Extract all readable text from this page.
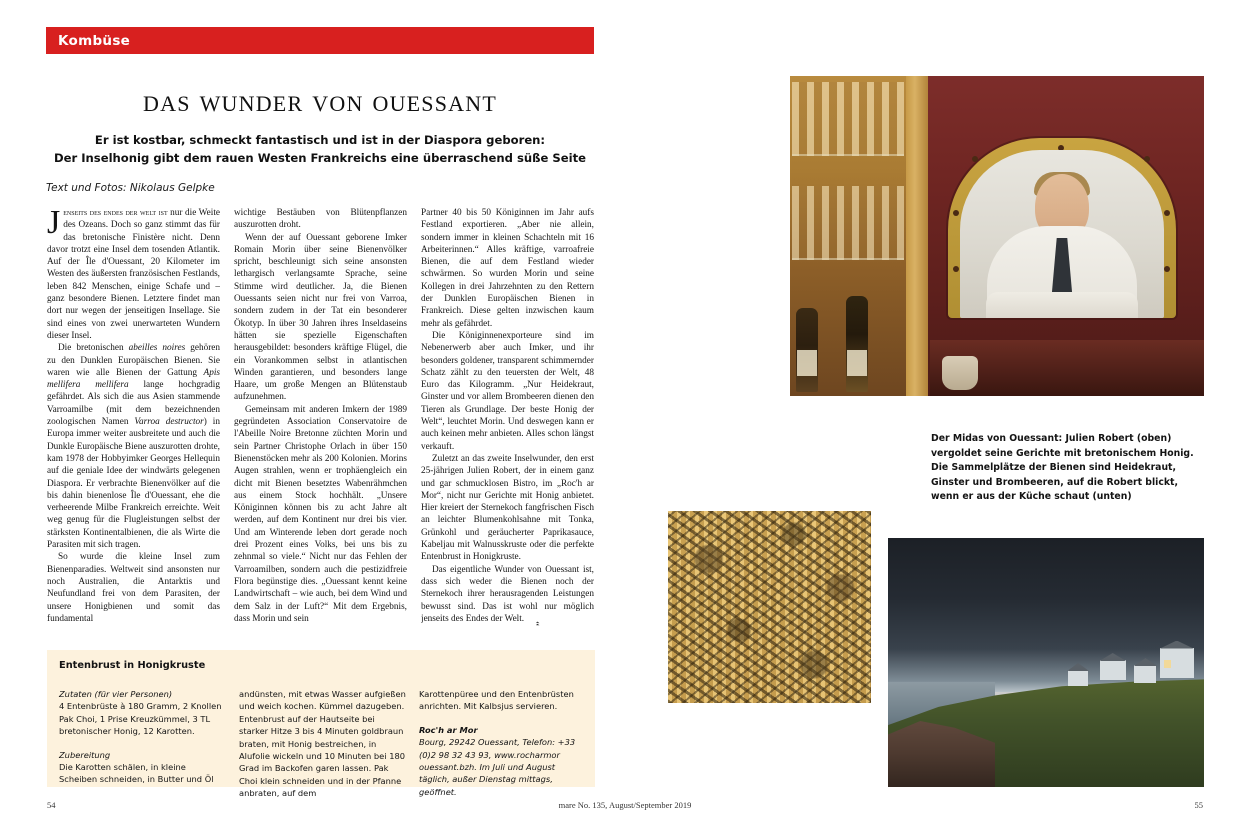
Kombüse
das wunder von ouessant
Er ist kostbar, schmeckt fantastisch und ist in der Diaspora geboren:
Der Inselhonig gibt dem rauen Westen Frankreichs eine überraschend süße Seite
Text und Fotos: Nikolaus Gelpke

Jenseits des endes der welt ist nur die Weite des Ozeans. Doch so ganz stimmt das für das bretonische Finistère nicht. Denn davor trotzt eine Insel dem tosenden Atlantik. Auf der Île d'Ouessant, 20 Kilometer im Westen des äußersten französischen Festlands, leben 842 Menschen, einige Schafe und – ganz besondere Bienen. Letztere findet man dort nur wegen der jenseitigen Insellage. Sie sind eines von zwei unerwarteten Wundern dieser Insel.

Die bretonischen abeilles noires gehören zu den Dunklen Europäischen Bienen. Sie waren wie alle Bienen der Gattung Apis mellifera mellifera lange hochgradig gefährdet. Als sich die aus Asien stammende Varroamilbe (mit dem bezeichnenden zoologischen Namen Varroa destructor) in Europa immer weiter ausbreitete und auch die Dunkle Europäische Biene auszurotten drohte, kam 1978 der Hobbyimker Georges Hellequin auf die geniale Idee der windwärts gelegenen Diaspora. Er verbrachte Bienenvölker auf die bis dahin bienenlose Île d'Ouessant, ehe die verheerende Milbe Frankreich erreichte. Weit weg genug für die Flugleistungen selbst der stärksten Kontinentalbienen, die als Wirte die Parasiten mit sich tragen.

So wurde die kleine Insel zum Bienenparadies. Weltweit sind ansonsten nur noch Australien, die Antarktis und Neufundland frei von dem Parasiten, der unsere Honigbienen und somit das fundamental

wichtige Bestäuben von Blütenpflanzen auszurotten droht.

Wenn der auf Ouessant geborene Imker Romain Morin über seine Bienenvölker spricht, beschleunigt sich seine ansonsten lethargisch verlangsamte Sprache, seine Stimme wird deutlicher. Ja, die Bienen Ouessants seien nicht nur frei von Varroa, sondern zudem in der Tat ein besonderer Ökotyp. In über 30 Jahren ihres Inseldaseins hätten sie spezielle Eigenschaften herausgebildet: besonders kräftige Flügel, die ein Vorankommen selbst in atlantischen Winden garantieren, und besonders lange Haare, um große Mengen an Blütenstaub aufzunehmen.

Gemeinsam mit anderen Imkern der 1989 gegründeten Association Conservatoire de l'Abeille Noire Bretonne züchten Morin und sein Partner Christophe Orlach in über 150 Bienenstöcken mehr als 200 Kolonien. Morins Augen strahlen, wenn er trophäengleich ein dicht mit Bienen besetztes Wabenrähmchen aus einem Stock hochhält. „Unsere Königinnen können bis zu acht Jahre alt werden, auf dem Kontinent nur drei bis vier. Und am Winterende leben dort gerade noch drei Prozent eines Volks, bei uns bis zu zehnmal so viele.“ Nicht nur das Fehlen der Varroamilben, sondern auch die pestizidfreie Flora begünstige dies. „Ouessant kennt keine Landwirtschaft – wie auch, bei dem Wind und dem Salz in der Luft?“ Mit dem Ergebnis, dass Morin und sein

Partner 40 bis 50 Königinnen im Jahr aufs Festland exportieren. „Aber nie allein, sondern immer in kleinen Schachteln mit 16 Arbeiterinnen.“ Alles kräftige, varroafreie Bienen, die auf dem Festland wieder schwärmen. So wurden Morin und seine Kollegen in drei Jahrzehnten zu den Rettern der Dunklen Europäischen Bienen in Frankreich. Diese gelten inzwischen kaum mehr als gefährdet.

Die Königinnenexporteure sind im Nebenerwerb aber auch Imker, und ihr besonders goldener, transparent schimmernder Schatz zählt zu den teuersten der Welt, 48 Euro das Kilogramm. „Nur Heidekraut, Ginster und vor allem Brombeeren dienen den Tieren als Grundlage. Der beste Honig der Welt“, leuchtet Morin. Und deswegen kann er auch keinen mehr anbieten. Alles schon längst verkauft.

Zuletzt an das zweite Inselwunder, den erst 25-jährigen Julien Robert, der in einem ganz und gar schmucklosen Bistro, im „Roc'h ar Mor“, nicht nur Gerichte mit Honig anbietet. Hier kreiert der Sternekoch fangfrischen Fisch an leichter Blumenkohlsahne mit Tonka, Grünkohl und geräucherter Paprikasauce, Kabeljau mit Walnusskruste oder die perfekte Entenbrust in Honigkruste.

Das eigentliche Wunder von Ouessant ist, dass sich weder die Bienen noch der Sternekoch ihrer herausragenden Leistungen bewusst sind. Das ist wohl nur möglich jenseits des Endes der Welt.“

Entenbrust in Honigkruste
Zutaten (für vier Personen)
4 Entenbrüste à 180 Gramm, 2 Knollen Pak Choi, 1 Prise Kreuzkümmel, 3 TL bretonischer Honig, 12 Karotten.
Zubereitung
Die Karotten schälen, in kleine Scheiben schneiden, in Butter und Öl
andünsten, mit etwas Wasser aufgießen und weich kochen. Kümmel dazugeben. Entenbrust auf der Hautseite bei starker Hitze 3 bis 4 Minuten goldbraun braten, mit Honig bestreichen, in Alufolie wickeln und 10 Minuten bei 180 Grad im Backofen garen lassen. Pak Choi klein schneiden und in der Pfanne anbraten, auf dem
Karottenpüree und den Entenbrüsten anrichten. Mit Kalbsjus servieren.
Roc'h ar Mor
Bourg, 29242 Ouessant, Telefon: +33 (0)2 98 32 43 93, www.rocharmor ouessant.bzh. Im Juli und August täglich, außer Dienstag mittags, geöffnet.
54	55
mare No. 135, August/September 2019
Der Midas von Ouessant: Julien Robert (oben) vergoldet seine Gerichte mit bretonischem Honig. Die Sammelplätze der Bienen sind Heidekraut, Ginster und Brombeeren, auf die Robert blickt, wenn er aus der Küche schaut (unten)
